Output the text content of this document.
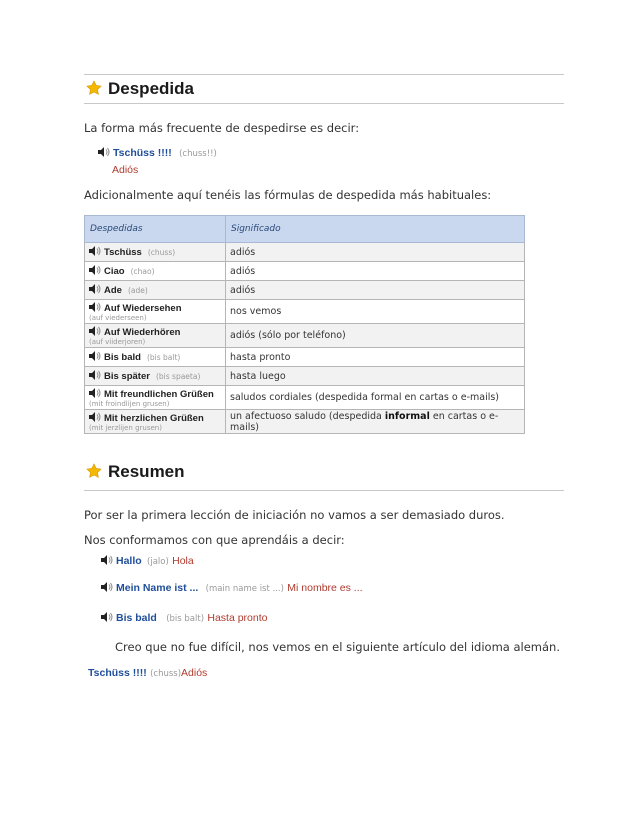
Despedida
La forma más frecuente de despedirse es decir:
Tschüss !!!! (chuss!!)
Adiós
Adicionalmente aquí tenéis las fórmulas de despedida más habituales:
Despedidas	Significado
Tschüss (chuss)	adiós
Ciao (chao)	adiós
Ade (ade)	adiós
Auf Wiedersehen
(auf viederseen)	nos vemos
Auf Wiederhören
(auf viiderjoren)	adiós (sólo por teléfono)
Bis bald (bis balt)	hasta pronto
Bis später (bis spaeta)	hasta luego
Mit freundlichen Grüßen
(mit froindlijen grusen)	saludos cordiales (despedida formal en cartas o e-mails)
Mit herzlichen Grüßen
(mit jerzlijen grusen)	un afectuoso saludo (despedida informal en cartas o e-mails)
Resumen
Por ser la primera lección de iniciación no vamos a ser demasiado duros.
Nos conformamos con que aprendáis a decir:
Hallo (jalo) Hola
Mein Name ist ... (main name ist ...) Mi nombre es ...
Bis bald (bis balt) Hasta pronto
Creo que no fue difícil, nos vemos en el siguiente artículo del idioma alemán.
Tschüss !!!! (chuss)Adiós
